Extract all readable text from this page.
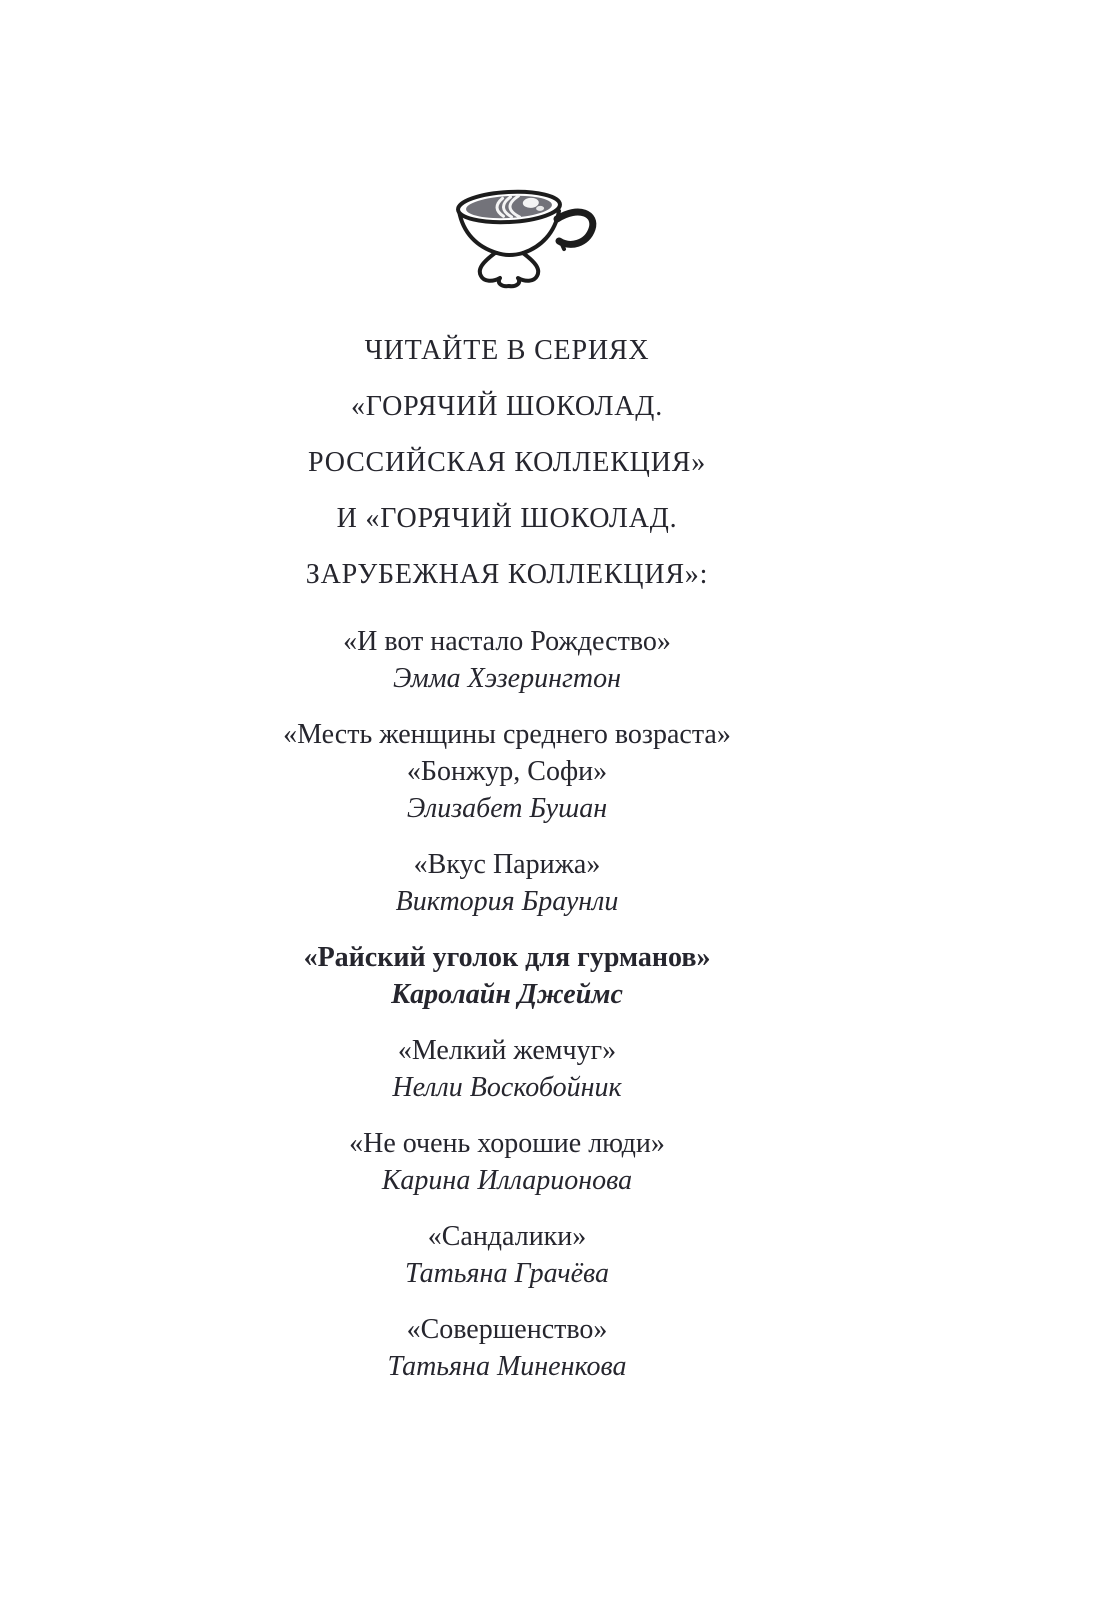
ЧИТАЙТЕ В СЕРИЯХ
«ГОРЯЧИЙ ШОКОЛАД.
РОССИЙСКАЯ КОЛЛЕКЦИЯ»
И «ГОРЯЧИЙ ШОКОЛАД.
ЗАРУБЕЖНАЯ КОЛЛЕКЦИЯ»:
«И вот настало Рождество»
Эмма Хэзерингтон
«Месть женщины среднего возраста»
«Бонжур, Софи»
Элизабет Бушан
«Вкус Парижа»
Виктория Браунли
«Райский уголок для гурманов»
Каролайн Джеймс
«Мелкий жемчуг»
Нелли Воскобойник
«Не очень хорошие люди»
Карина Илларионова
«Сандалики»
Татьяна Грачёва
«Совершенство»
Татьяна Миненкова
